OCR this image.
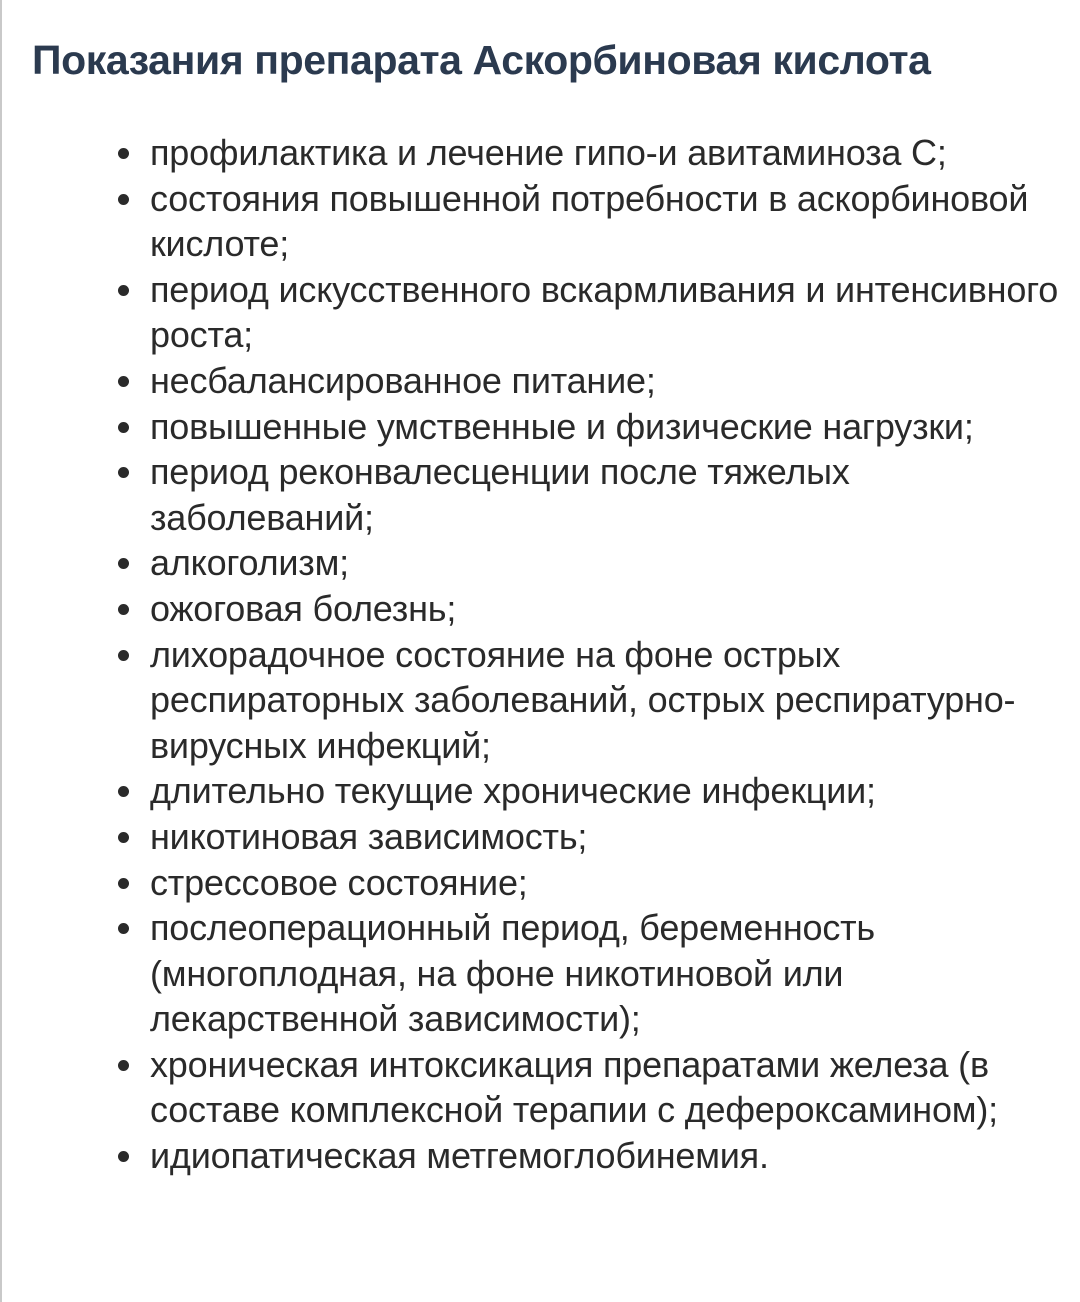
Показания препарата Аскорбиновая кислота
профилактика и лечение гипо-и авитаминоза С;
состояния повышенной потребности в аскорбиновой кислоте;
период искусственного вскармливания и интенсивного роста;
несбалансированное питание;
повышенные умственные и физические нагрузки;
период реконвалесценции после тяжелых заболеваний;
алкоголизм;
ожоговая болезнь;
лихорадочное состояние на фоне острых респираторных заболеваний, острых респиратурно-вирусных инфекций;
длительно текущие хронические инфекции;
никотиновая зависимость;
стрессовое состояние;
послеоперационный период, беременность (многоплодная, на фоне никотиновой или лекарственной зависимости);
хроническая интоксикация препаратами железа (в составе комплексной терапии с дефероксамином);
идиопатическая метгемоглобинемия.
